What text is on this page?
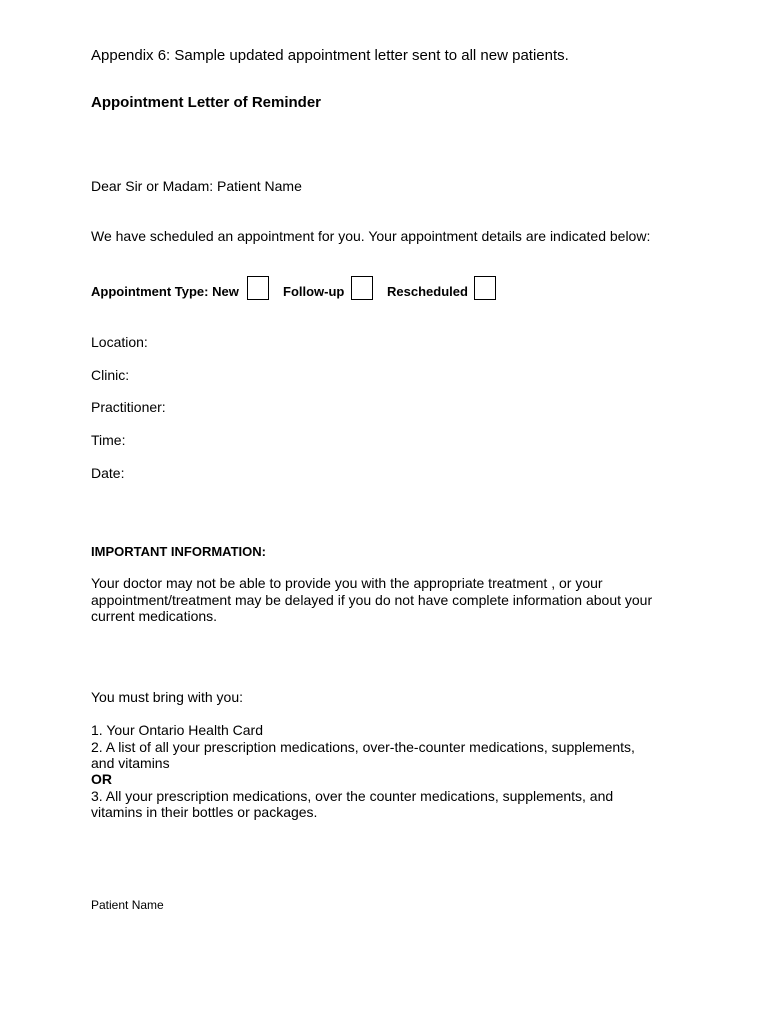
Appendix 6: Sample updated appointment letter sent to all new patients.
Appointment Letter of Reminder
Dear Sir or Madam: Patient Name
We have scheduled an appointment for you. Your appointment details are indicated below:
Appointment Type: New	Follow-up	Rescheduled
Location:
Clinic:
Practitioner:
Time:
Date:
IMPORTANT INFORMATION:
Your doctor may not be able to provide you with the appropriate treatment , or your
appointment/treatment may be delayed if you do not have complete information about your
current medications.
You must bring with you:
1. Your Ontario Health Card
2. A list of all your prescription medications, over-the-counter medications, supplements,
and vitamins
OR
3. All your prescription medications, over the counter medications, supplements, and
vitamins in their bottles or packages.
Patient Name
